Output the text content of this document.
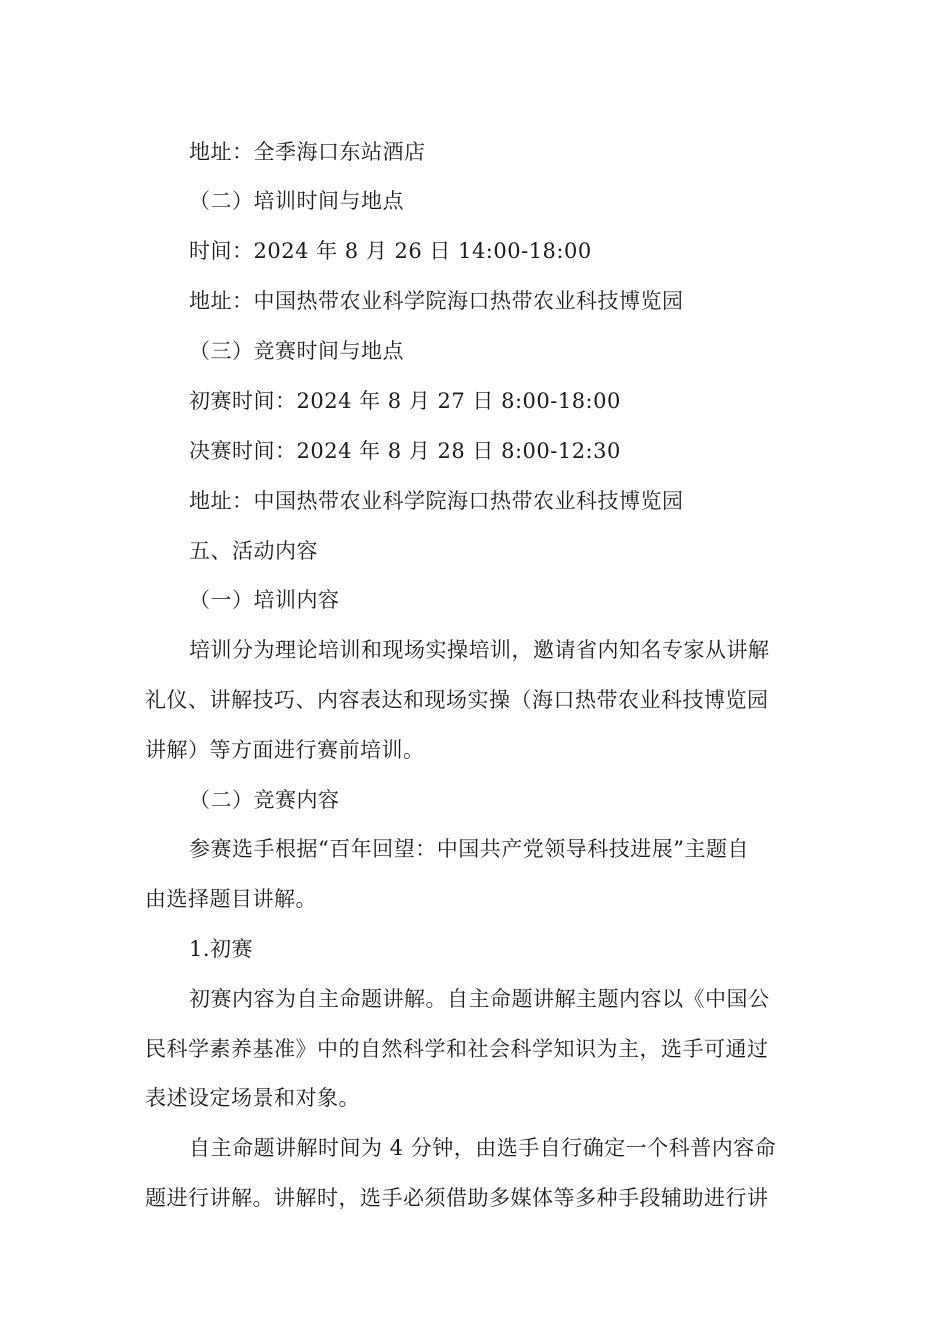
地址：全季海口东站酒店
（二）培训时间与地点
时间：2024 年 8 月 26 日 14:00-18:00
地址：中国热带农业科学院海口热带农业科技博览园
（三）竞赛时间与地点
初赛时间：2024 年 8 月 27 日 8:00-18:00
决赛时间：2024 年 8 月 28 日 8:00-12:30
地址：中国热带农业科学院海口热带农业科技博览园
五、活动内容
（一）培训内容
培训分为理论培训和现场实操培训，邀请省内知名专家从讲解
礼仪、讲解技巧、内容表达和现场实操（海口热带农业科技博览园
讲解）等方面进行赛前培训。
（二）竞赛内容
参赛选手根据“百年回望：中国共产党领导科技进展”主题自
由选择题目讲解。
1.初赛
初赛内容为自主命题讲解。自主命题讲解主题内容以《中国公
民科学素养基准》中的自然科学和社会科学知识为主，选手可通过
表述设定场景和对象。
自主命题讲解时间为 4 分钟，由选手自行确定一个科普内容命
题进行讲解。讲解时，选手必须借助多媒体等多种手段辅助进行讲
